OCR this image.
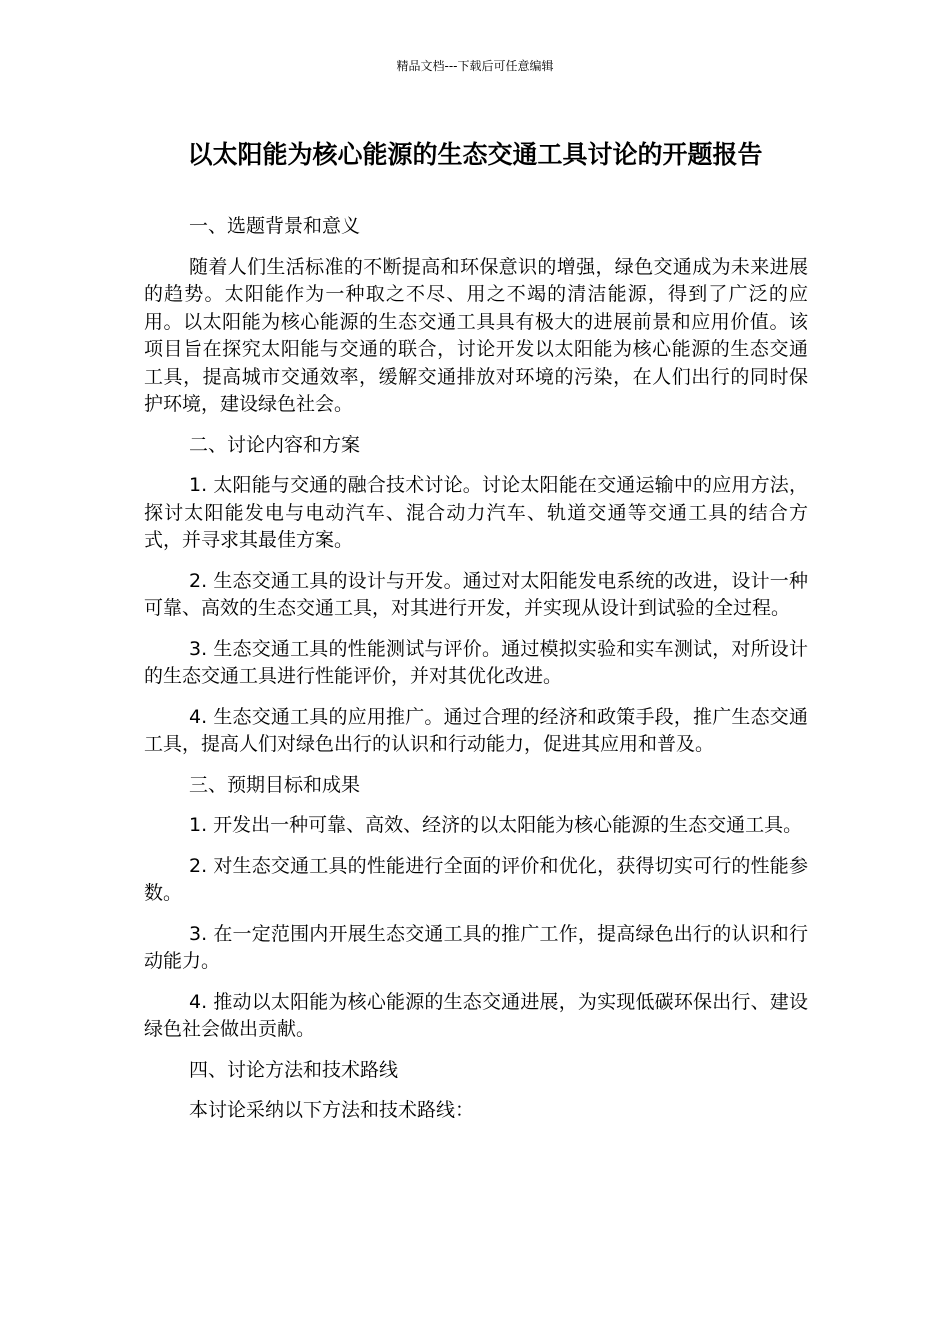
精品文档---下载后可任意编辑
以太阳能为核心能源的生态交通工具讨论的开题报告

一、选题背景和意义

随着人们生活标准的不断提高和环保意识的增强，绿色交通成为未来进展的趋势。太阳能作为一种取之不尽、用之不竭的清洁能源，得到了广泛的应用。以太阳能为核心能源的生态交通工具具有极大的进展前景和应用价值。该项目旨在探究太阳能与交通的联合，讨论开发以太阳能为核心能源的生态交通工具，提高城市交通效率，缓解交通排放对环境的污染，在人们出行的同时保护环境，建设绿色社会。

二、讨论内容和方案

1. 太阳能与交通的融合技术讨论。讨论太阳能在交通运输中的应用方法，探讨太阳能发电与电动汽车、混合动力汽车、轨道交通等交通工具的结合方式，并寻求其最佳方案。

2. 生态交通工具的设计与开发。通过对太阳能发电系统的改进，设计一种可靠、高效的生态交通工具，对其进行开发，并实现从设计到试验的全过程。

3. 生态交通工具的性能测试与评价。通过模拟实验和实车测试，对所设计的生态交通工具进行性能评价，并对其优化改进。

4. 生态交通工具的应用推广。通过合理的经济和政策手段，推广生态交通工具，提高人们对绿色出行的认识和行动能力，促进其应用和普及。

三、预期目标和成果

1. 开发出一种可靠、高效、经济的以太阳能为核心能源的生态交通工具。

2. 对生态交通工具的性能进行全面的评价和优化，获得切实可行的性能参数。

3. 在一定范围内开展生态交通工具的推广工作，提高绿色出行的认识和行动能力。

4. 推动以太阳能为核心能源的生态交通进展，为实现低碳环保出行、建设绿色社会做出贡献。

四、讨论方法和技术路线

本讨论采纳以下方法和技术路线：
